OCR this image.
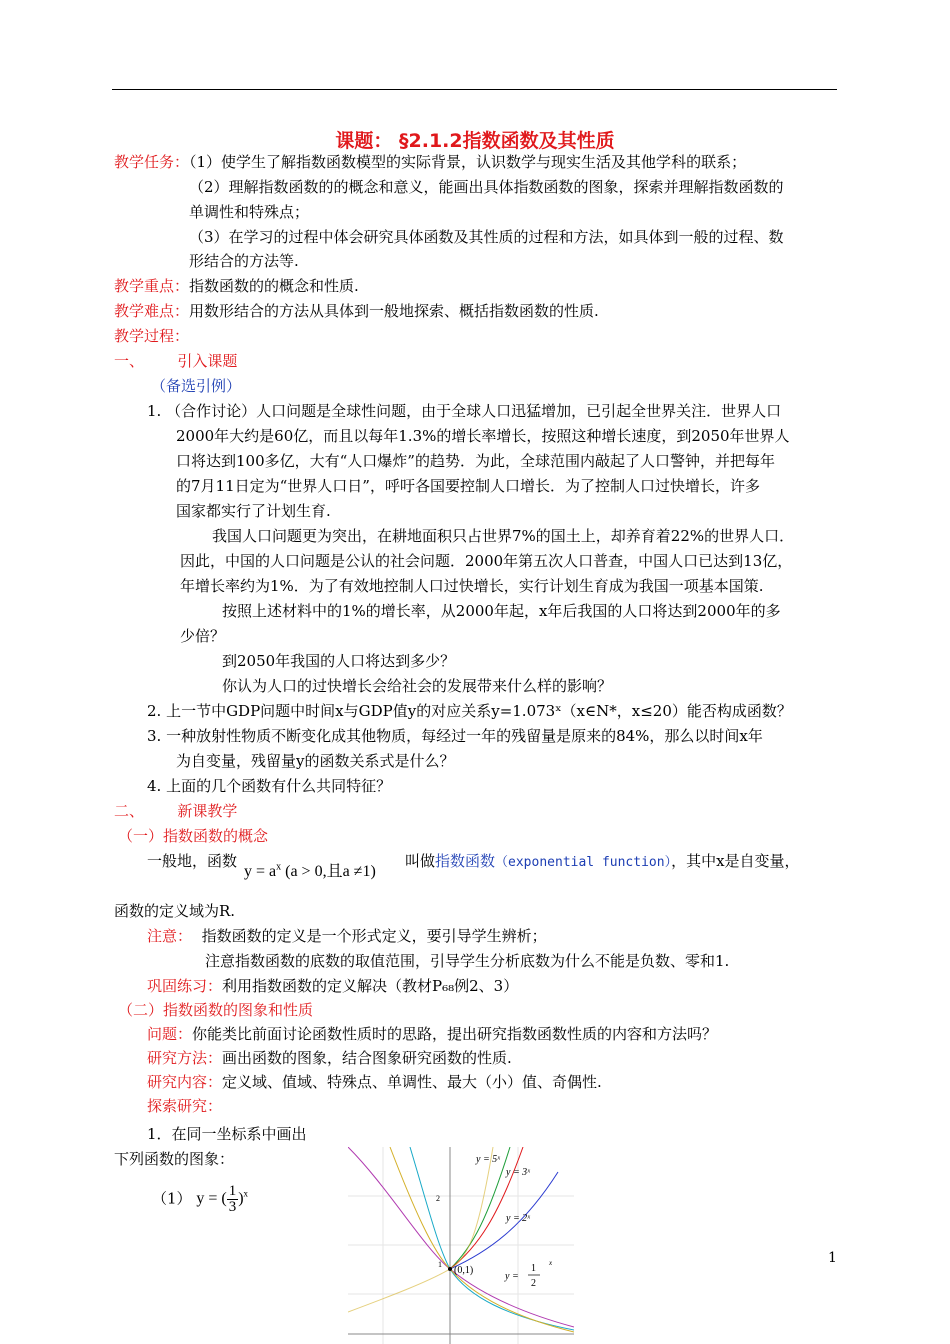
课题： §2.1.2指数函数及其性质
教学任务：（1）使学生了解指数函数模型的实际背景，认识数学与现实生活及其他学科的联系；
（2）理解指数函数的的概念和意义，能画出具体指数函数的图象，探索并理解指数函数的
单调性和特殊点；
（3）在学习的过程中体会研究具体函数及其性质的过程和方法，如具体到一般的过程、数
形结合的方法等.
教学重点：指数函数的的概念和性质.
教学难点：用数形结合的方法从具体到一般地探索、概括指数函数的性质.
教学过程：
一、       引入课题
（备选引例）
1. （合作讨论）人口问题是全球性问题，由于全球人口迅猛增加，已引起全世界关注．世界人口
2000年大约是60亿，而且以每年1.3%的增长率增长，按照这种增长速度，到2050年世界人
口将达到100多亿，大有“人口爆炸”的趋势．为此，全球范围内敲起了人口警钟，并把每年
的7月11日定为“世界人口日”，呼吁各国要控制人口增长．为了控制人口过快增长，许多
国家都实行了计划生育.
我国人口问题更为突出，在耕地面积只占世界7%的国土上，却养育着22%的世界人口．
因此，中国的人口问题是公认的社会问题．2000年第五次人口普查，中国人口已达到13亿，
年增长率约为1%．为了有效地控制人口过快增长，实行计划生育成为我国一项基本国策.
按照上述材料中的1%的增长率，从2000年起，x年后我国的人口将达到2000年的多
少倍？
到2050年我国的人口将达到多少？
你认为人口的过快增长会给社会的发展带来什么样的影响？
2. 上一节中GDP问题中时间x与GDP值y的对应关系y=1.073ˣ（x∈N*，x≤20）能否构成函数？
3. 一种放射性物质不断变化成其他物质，每经过一年的残留量是原来的84%，那么以时间x年
为自变量，残留量y的函数关系式是什么？
4. 上面的几个函数有什么共同特征？
二、       新课教学
（一）指数函数的概念
一般地，函数
$y = a^x$ (a > 0,且a ≠1)
叫做指数函数（exponential function），其中x是自变量，
函数的定义域为R.
注意： 指数函数的定义是一个形式定义，要引导学生辨析；
注意指数函数的底数的取值范围，引导学生分析底数为什么不能是负数、零和1.
巩固练习：利用指数函数的定义解决（教材P₆₈例2、3）
（二）指数函数的图象和性质
问题：你能类比前面讨论函数性质时的思路，提出研究指数函数性质的内容和方法吗？
研究方法：画出函数的图象，结合图象研究函数的性质.
研究内容：定义域、值域、特殊点、单调性、最大（小）值、奇偶性.
探索研究：
1．在同一坐标系中画出
下列函数的图象：
（1） y = ( $\frac{1}{3} )^x$
y = 5ˣ
y = 3ˣ
y = 2ˣ
(0,1)
y =
1
2
x
2
1	1
